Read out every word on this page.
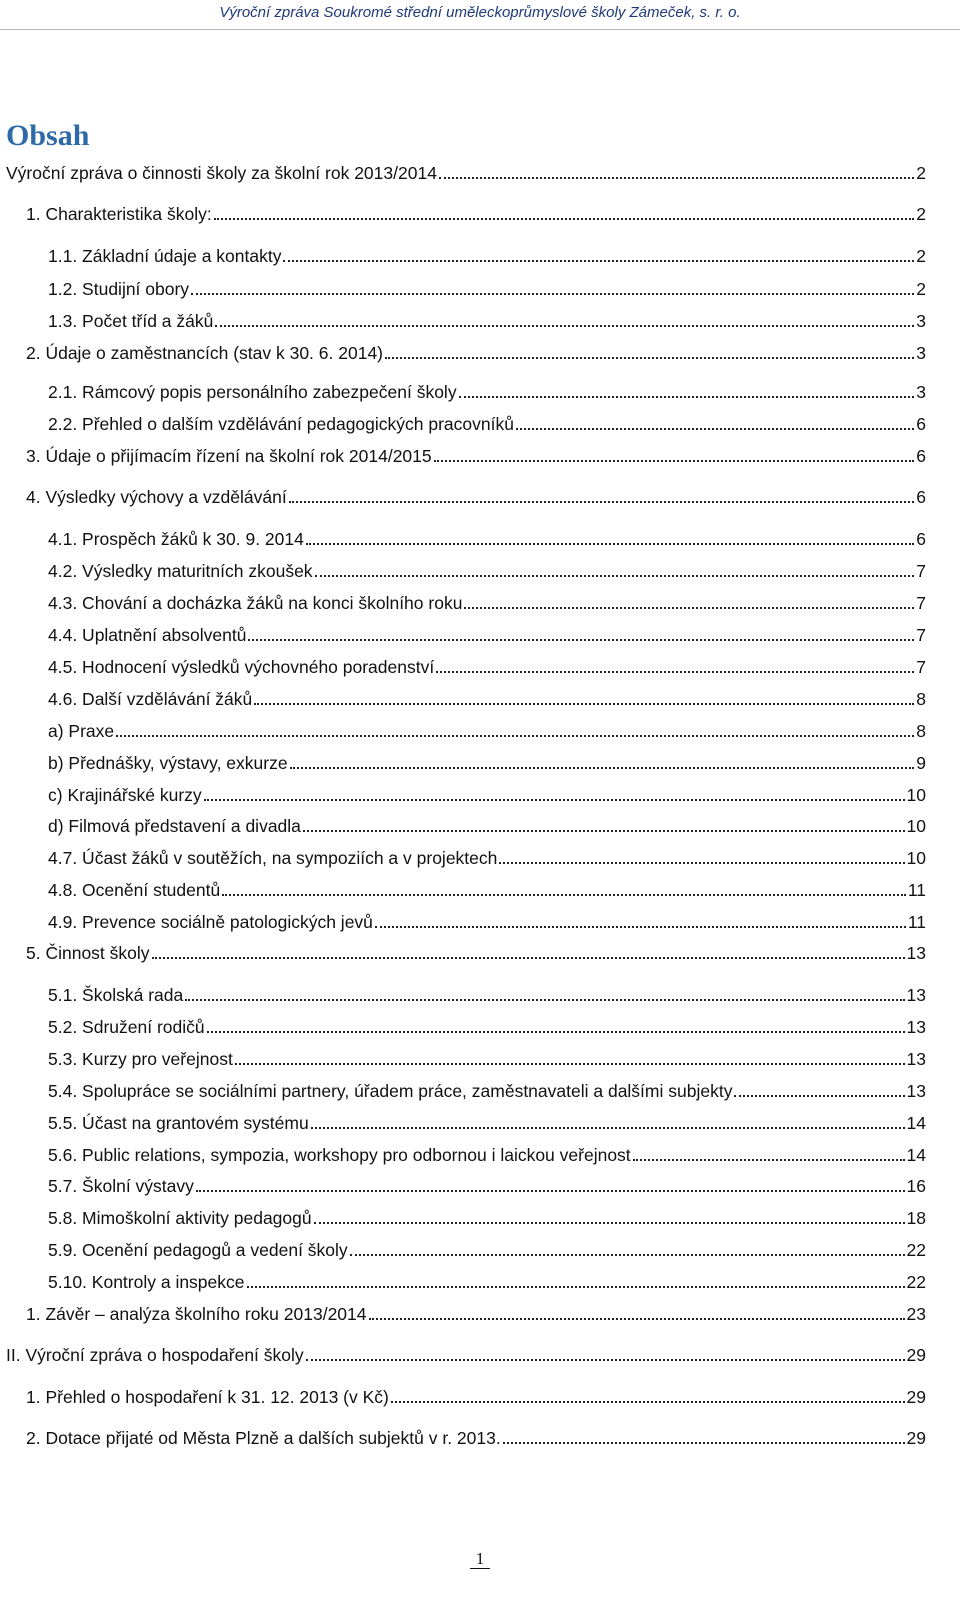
Výroční zpráva Soukromé střední uměleckoprůmyslové školy Zámeček, s. r. o.
Obsah
Výroční zpráva o činnosti školy za školní rok 2013/2014	2
1. Charakteristika školy:	2
1.1. Základní údaje a kontakty	2
1.2. Studijní obory	2
1.3. Počet tříd a žáků	3
2. Údaje o zaměstnancích (stav k 30. 6. 2014)	3
2.1. Rámcový popis personálního zabezpečení školy	3
2.2. Přehled o dalším vzdělávání pedagogických pracovníků	6
3. Údaje o přijímacím řízení na školní rok 2014/2015	6
4. Výsledky výchovy a vzdělávání	6
4.1. Prospěch žáků k 30. 9. 2014	6
4.2. Výsledky maturitních zkoušek	7
4.3. Chování a docházka žáků na konci školního roku	7
4.4. Uplatnění absolventů	7
4.5. Hodnocení výsledků výchovného poradenství	7
4.6. Další vzdělávání žáků	8
a) Praxe	8
b) Přednášky, výstavy, exkurze	9
c) Krajinářské kurzy	10
d) Filmová představení a divadla	10
4.7. Účast žáků v soutěžích, na sympoziích a v projektech	10
4.8. Ocenění studentů	11
4.9. Prevence sociálně patologických jevů	11
5. Činnost školy	13
5.1. Školská rada	13
5.2. Sdružení rodičů	13
5.3. Kurzy pro veřejnost	13
5.4. Spolupráce se sociálními partnery, úřadem práce, zaměstnavateli a dalšími subjekty	13
5.5. Účast na grantovém systému	14
5.6. Public relations, sympozia, workshopy pro odbornou i laickou veřejnost	14
5.7. Školní výstavy	16
5.8. Mimoškolní aktivity pedagogů	18
5.9. Ocenění pedagogů a vedení školy	22
5.10. Kontroly a inspekce	22
1. Závěr – analýza školního roku 2013/2014	23
II. Výroční zpráva o hospodaření školy	29
1. Přehled o hospodaření k 31. 12. 2013 (v Kč)	29
2. Dotace přijaté od Města Plzně a dalších subjektů v r. 2013.	29
1
